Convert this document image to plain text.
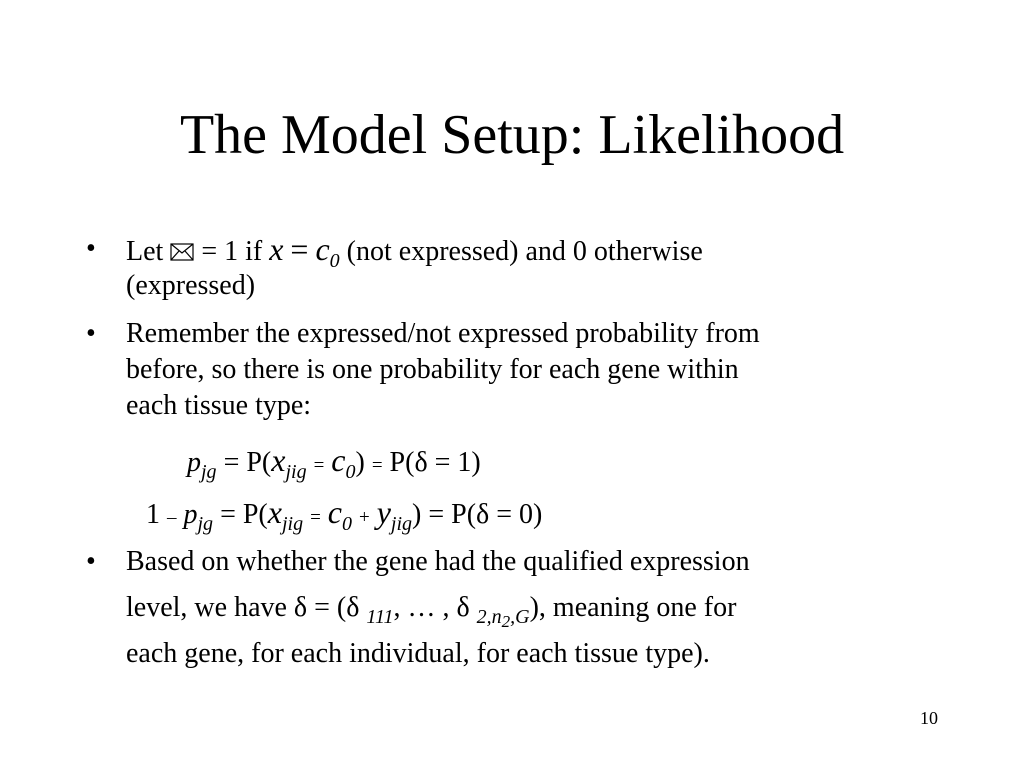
The Model Setup: Likelihood
• Let = 1 if $x = c_0$ (not expressed) and 0 otherwise
(expressed)
• Remember the expressed/not expressed probability from
before, so there is one probability for each gene within
each tissue type:
$p_{jg} = P(x_{jig} = c_0) = P(\delta = 1)$
$1 - p_{jg} = P(x_{jig} = c_0 + y_{jig}) = P(\delta = 0)$
• Based on whether the gene had the qualified expression
level, we have δ = (δ $_{111}$, … , δ $_{2,n_2,G}$), meaning one for
each gene, for each individual, for each tissue type).
10
